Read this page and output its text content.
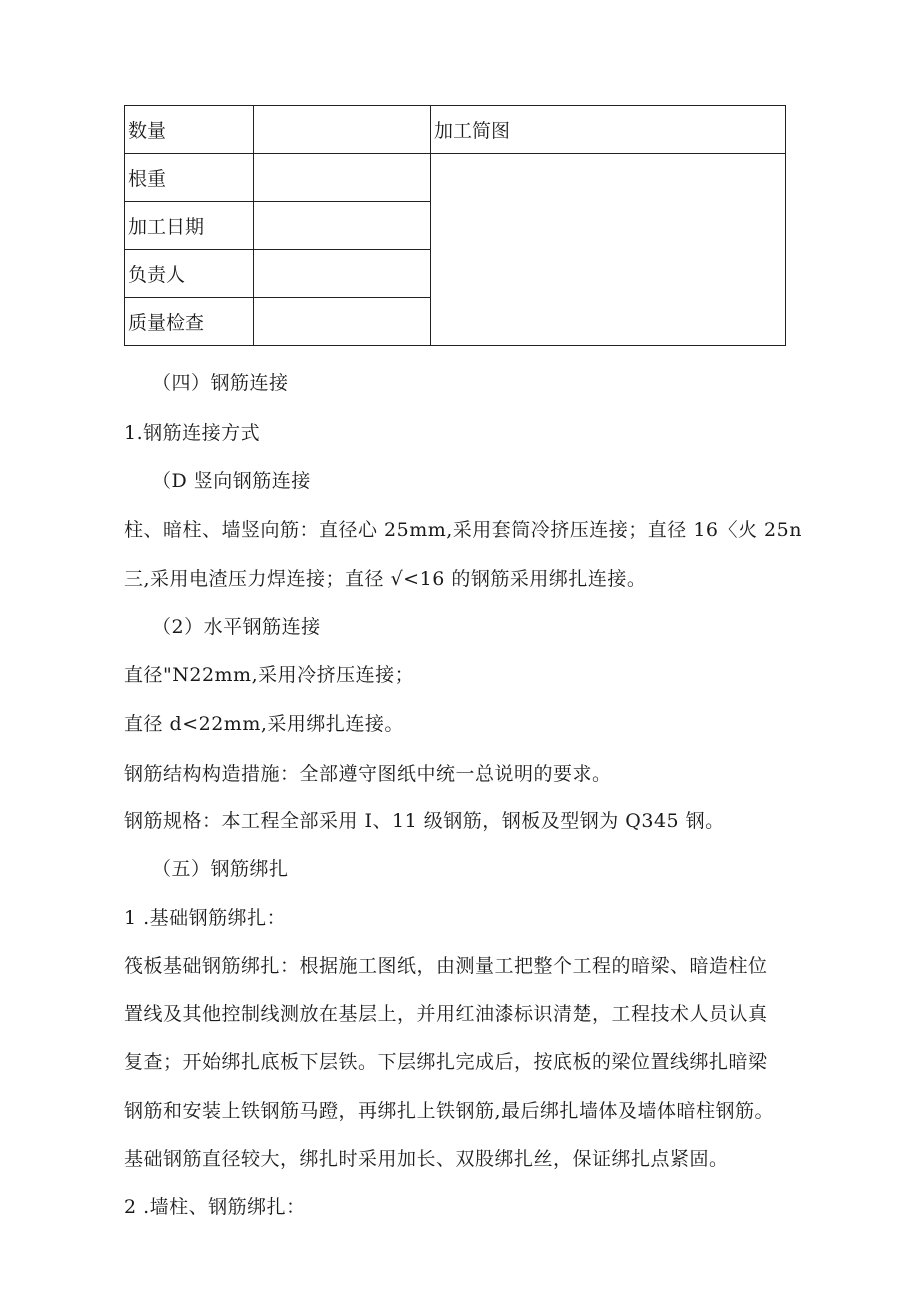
数量		加工简图
根重		
加工日期		
负责人		
质量检查		

（四）钢筋连接

1.钢筋连接方式

（D 竖向钢筋连接

柱、暗柱、墙竖向筋：直径心 25mm,采用套筒冷挤压连接；直径 16〈火 25n

三,采用电渣压力焊连接；直径 √<16 的钢筋采用绑扎连接。

（2）水平钢筋连接

直径"N22mm,采用冷挤压连接；

直径 d<22mm,采用绑扎连接。

钢筋结构构造措施：全部遵守图纸中统一总说明的要求。

钢筋规格：本工程全部采用 I、11 级钢筋，钢板及型钢为 Q345 钢。

（五）钢筋绑扎

1 .基础钢筋绑扎：

筏板基础钢筋绑扎：根据施工图纸，由测量工把整个工程的暗梁、暗造柱位

置线及其他控制线测放在基层上，并用红油漆标识清楚，工程技术人员认真

复查；开始绑扎底板下层铁。下层绑扎完成后，按底板的梁位置线绑扎暗梁

钢筋和安装上铁钢筋马蹬，再绑扎上铁钢筋,最后绑扎墙体及墙体暗柱钢筋。

基础钢筋直径较大，绑扎时采用加长、双股绑扎丝，保证绑扎点紧固。

2 .墙柱、钢筋绑扎：
